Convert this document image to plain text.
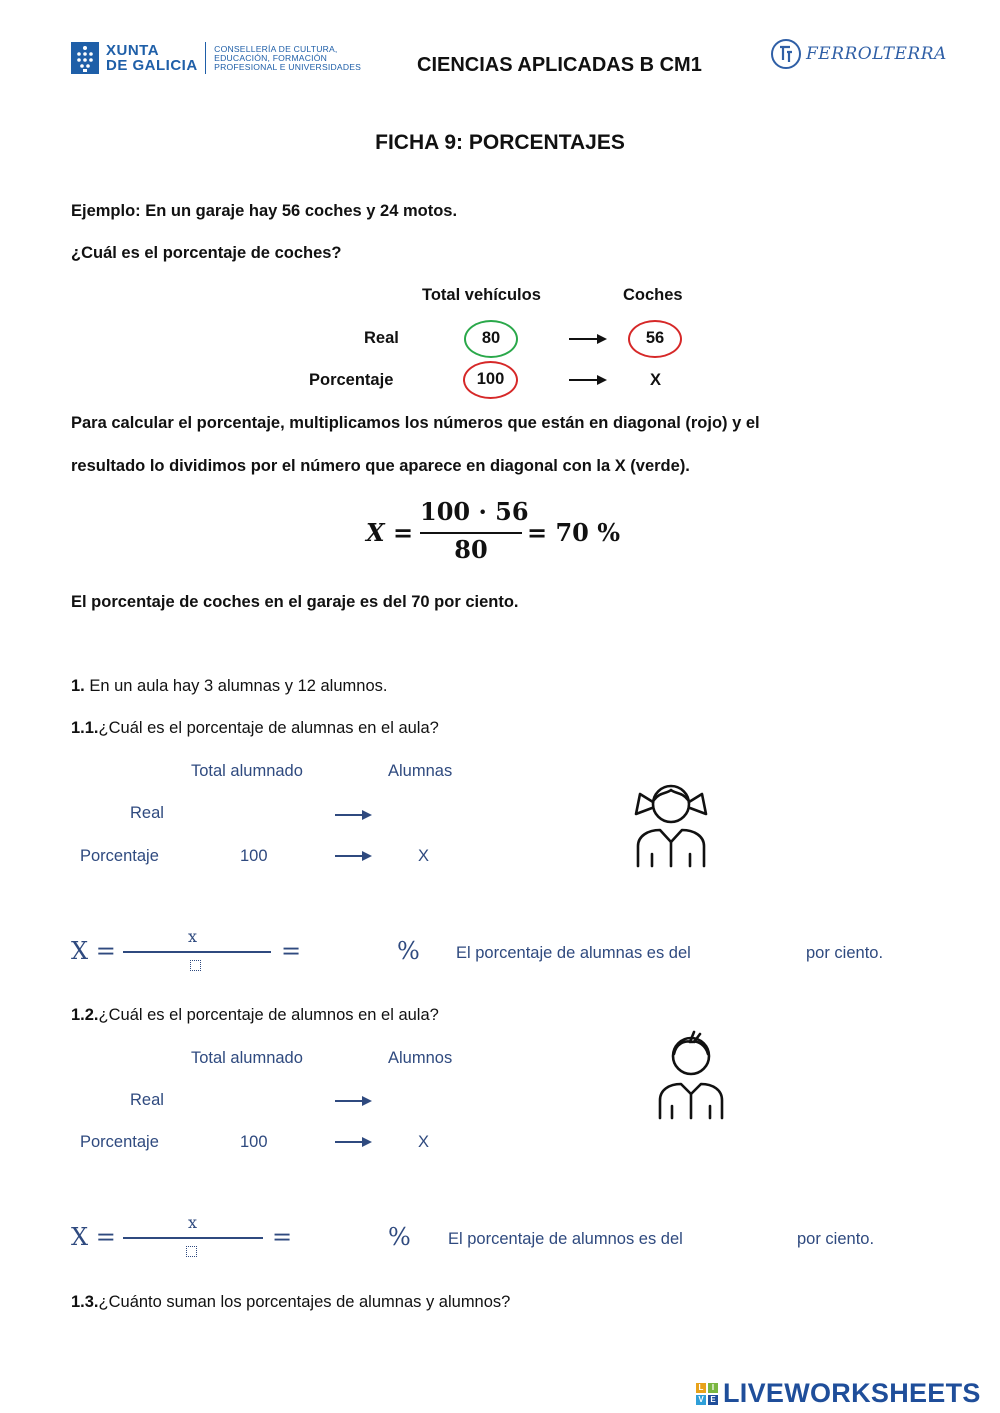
XUNTA
DE GALICIA
CONSELLERÍA DE CULTURA,
EDUCACIÓN, FORMACIÓN
PROFESIONAL E UNIVERSIDADES	CIENCIAS APLICADAS B CM1	FERROLTERRA
FICHA 9: PORCENTAJES
Ejemplo: En un garaje hay 56 coches y 24 motos.
¿Cuál es el porcentaje de coches?
Total vehículos	Coches
Real	80	56
Porcentaje	100	X
Para calcular el porcentaje, multiplicamos los números que están en diagonal (rojo) y el
resultado lo dividimos por el número que aparece en diagonal con la X (verde).
X =
100 · 56
80
= 70 %
El porcentaje de coches en el garaje es del 70 por ciento.
1. En un aula hay 3 alumnas y 12 alumnos.
1.1.¿Cuál es el porcentaje de alumnas en el aula?
Total alumnado	Alumnas
Real
Porcentaje	100	X
X =
x
=	% El porcentaje de alumnas es del	por ciento.
1.2.¿Cuál es el porcentaje de alumnos en el aula?
Total alumnado	Alumnos
Real
Porcentaje	100	X
X =
x
=	% El porcentaje de alumnos es del	por ciento.
1.3.¿Cuánto suman los porcentajes de alumnas y alumnos?
L	I
V E LIVEWORKSHEETS
